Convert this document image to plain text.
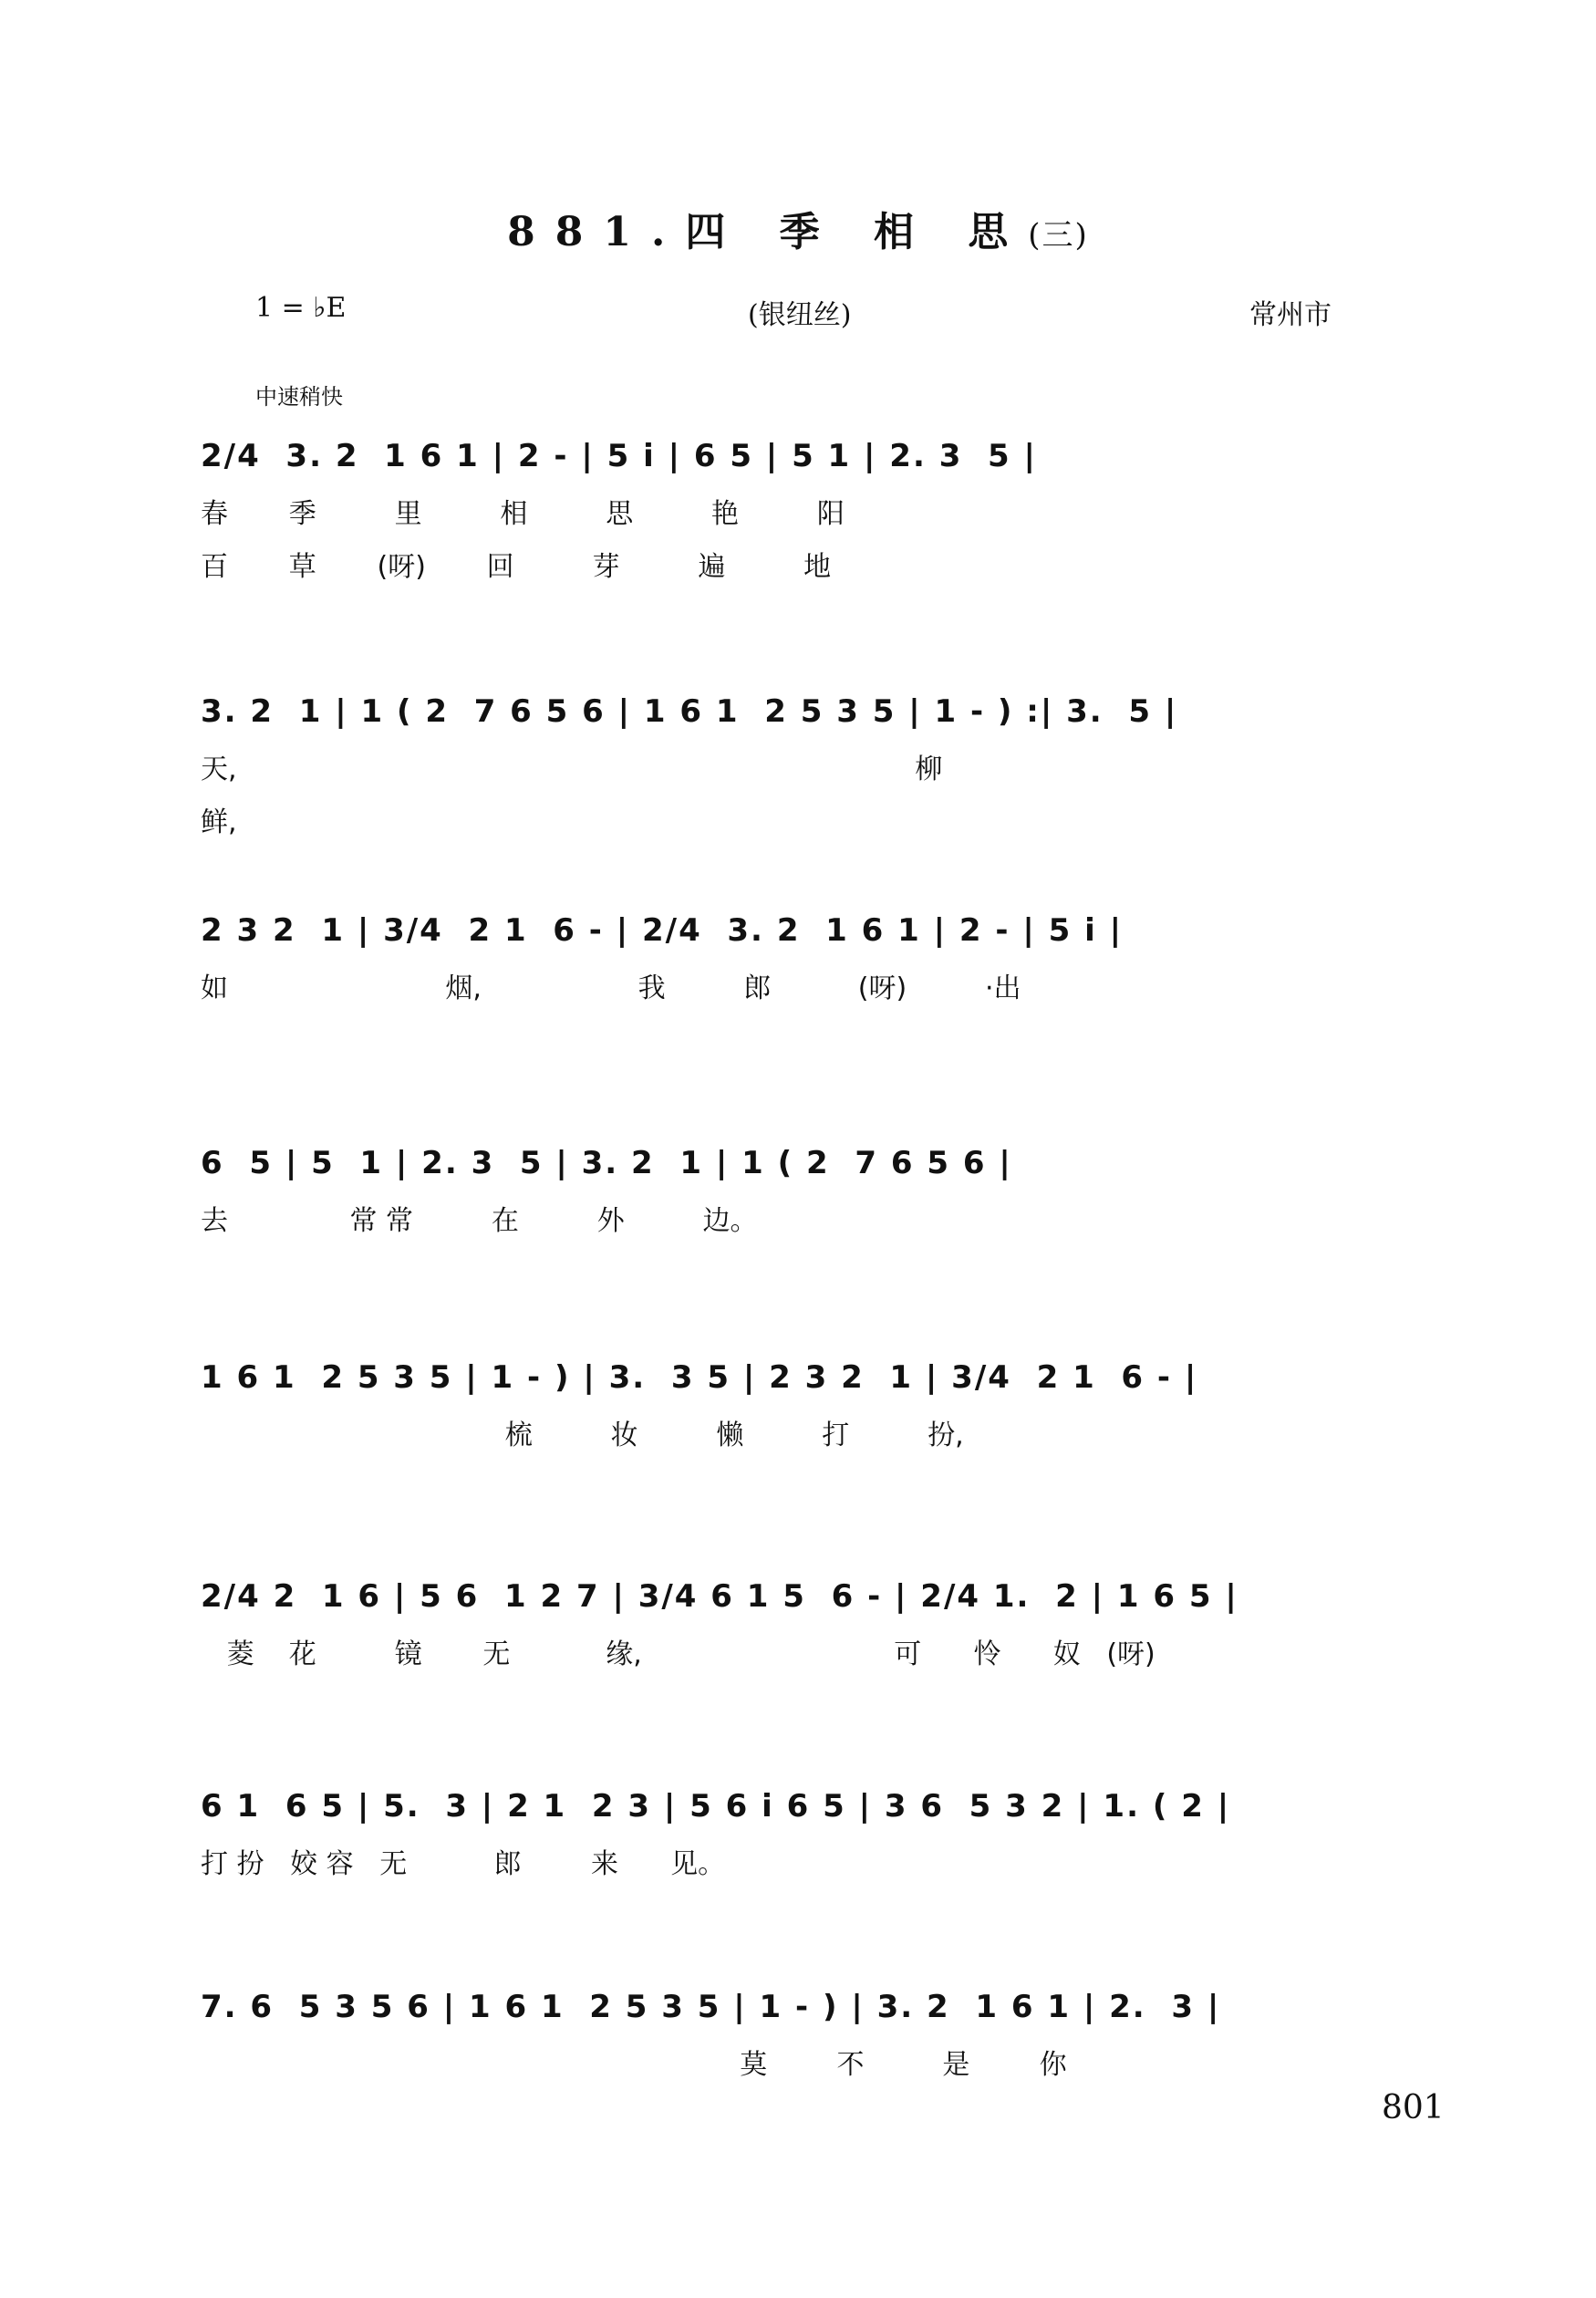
881.四 季 相 思(三)
1 = ♭E	(银纽丝)	常州市
中速稍快
2/4  3. 2  1 6 1 | 2 - | 5 i | 6 5 | 5 1 | 2. 3  5 |
春       季         里         相         思         艳         阳
百       草       (呀)       回         芽         遍         地
3. 2  1 | 1 ( 2  7 6 5 6 | 1 6 1  2 5 3 5 | 1 - ) :| 3.  5 |
天,                                                                              柳
鲜,
2 3 2  1 | 3/4  2 1  6 - | 2/4  3. 2  1 6 1 | 2 - | 5 i |
如                         烟,                  我         郎          (呀)         ·出
6  5 | 5  1 | 2. 3  5 | 3. 2  1 | 1 ( 2  7 6 5 6 |
去              常 常         在         外         边。
1 6 1  2 5 3 5 | 1 - ) | 3.  3 5 | 2 3 2  1 | 3/4  2 1  6 - |
梳         妆         懒         打         扮,
2/4 2  1 6 | 5 6  1 2 7 | 3/4 6 1 5  6 - | 2/4 1.  2 | 1 6 5 |
菱    花         镜       无           缘,                             可      怜      奴   (呀)
6 1  6 5 | 5.  3 | 2 1  2 3 | 5 6 i 6 5 | 3 6  5 3 2 | 1. ( 2 |
打 扮   姣 容   无          郎        来      见。
7. 6  5 3 5 6 | 1 6 1  2 5 3 5 | 1 - ) | 3. 2  1 6 1 | 2.  3 |
莫        不         是        你
801
